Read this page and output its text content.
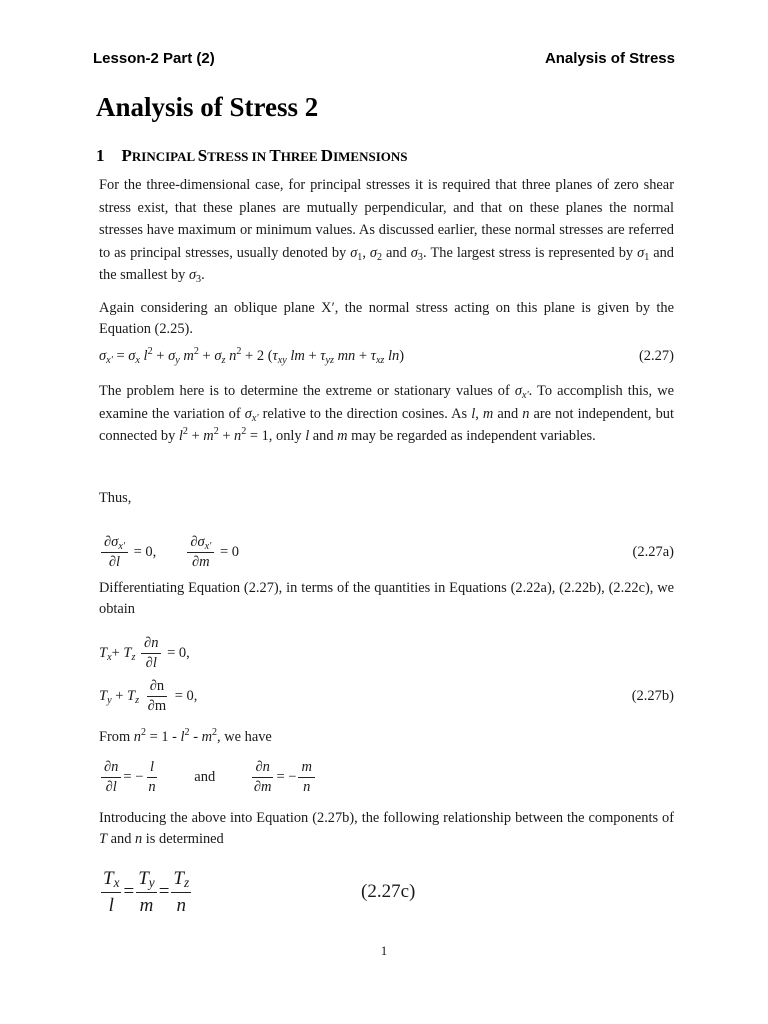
Lesson-2 Part (2)	Analysis of Stress
Analysis of Stress 2
1 PRINCIPAL STRESS IN THREE DIMENSIONS
For the three-dimensional case, for principal stresses it is required that three planes of zero shear stress exist, that these planes are mutually perpendicular, and that on these planes the normal stresses have maximum or minimum values. As discussed earlier, these normal stresses are referred to as principal stresses, usually denoted by $\sigma_1$, $\sigma_2$ and $\sigma_3$. The largest stress is represented by $\sigma_1$ and the smallest by $\sigma_3$.
Again considering an oblique plane X′, the normal stress acting on this plane is given by the Equation (2.25).
$\sigma_{x'} = \sigma_x$ $l^2 + \sigma_y$ $m^2 + \sigma_z$ $n^2 + 2$ ($\tau_{xy}$ lm + $\tau_{yz}$ mn + $\tau_{xz}$ ln)	(2.27)
The problem here is to determine the extreme or stationary values of $\sigma_{x'}$. To accomplish this, we examine the variation of $\sigma_{x'}$ relative to the direction cosines. As l, m and n are not independent, but connected by $l^2 + m^2 + n^2 = 1$, only l and m may be regarded as independent variables.
Thus,
$\frac{\partial\sigma_{x'}}{\partial l} = 0$, $\frac{\partial\sigma_{x'}}{\partial m} = 0$	(2.27a)
Differentiating Equation (2.27), in terms of the quantities in Equations (2.22a), (2.22b), (2.22c), we obtain
$T_x+ T_z \frac{\partial n}{\partial l} = 0$,
$T_y + T_z \frac{\partial n}{\partial m} = 0$,	(2.27b)
From $n^2 = 1 - l^2 - m^2$, we have
$\frac{\partial n}{\partial l}$ = − $\frac{l}{n}$ and $\frac{\partial n}{\partial m}$ = − $\frac{m}{n}$
Introducing the above into Equation (2.27b), the following relationship between the components of T and n is determined
$\frac{T_x}{l} = \frac{T_y}{m} = \frac{T_z}{n}$	(2.27c)
1
